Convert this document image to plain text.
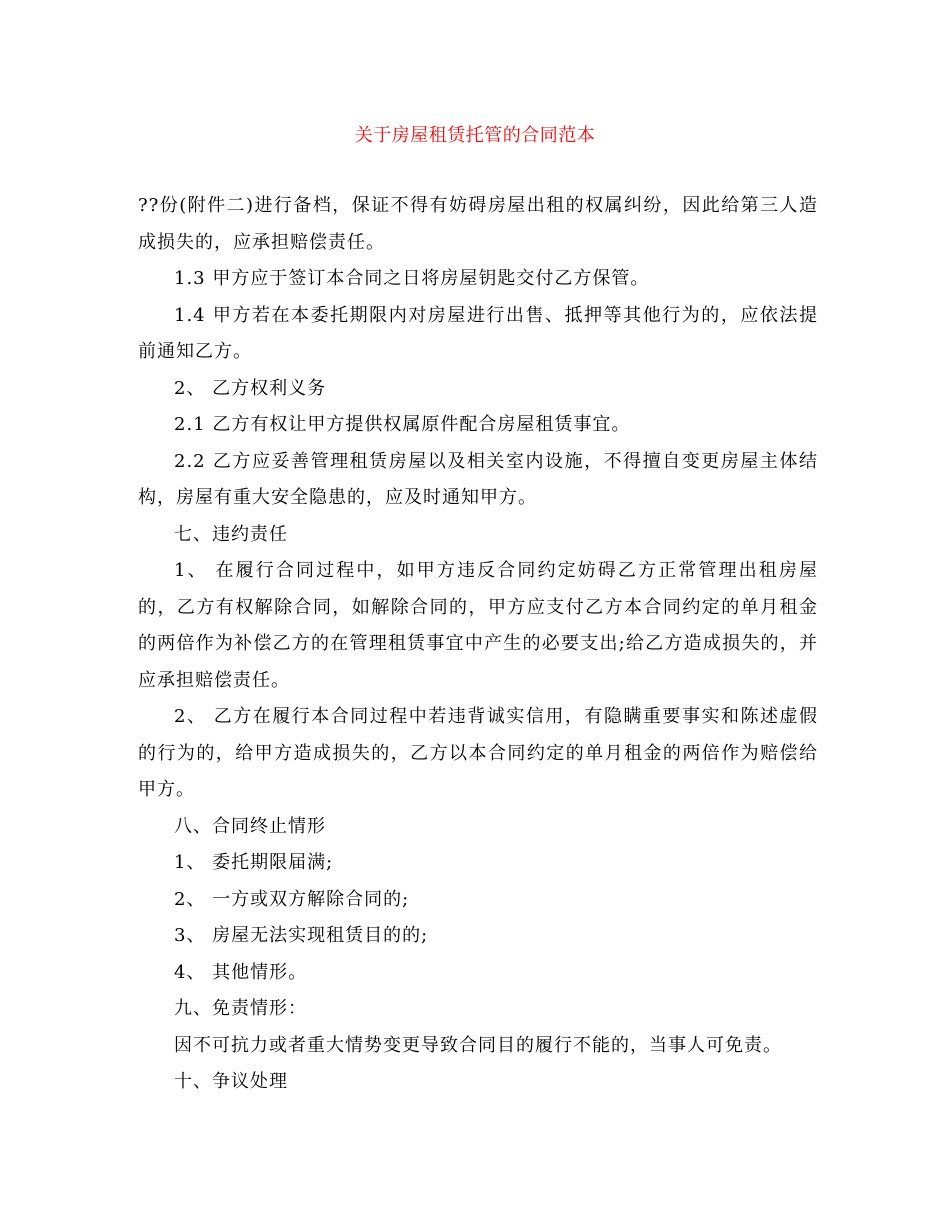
关于房屋租赁托管的合同范本

??份(附件二)进行备档，保证不得有妨碍房屋出租的权属纠纷，因此给第三人造成损失的，应承担赔偿责任。

1.3 甲方应于签订本合同之日将房屋钥匙交付乙方保管。

1.4 甲方若在本委托期限内对房屋进行出售、抵押等其他行为的，应依法提前通知乙方。

2、 乙方权利义务

2.1 乙方有权让甲方提供权属原件配合房屋租赁事宜。

2.2 乙方应妥善管理租赁房屋以及相关室内设施，不得擅自变更房屋主体结构，房屋有重大安全隐患的，应及时通知甲方。

七、违约责任

1、 在履行合同过程中，如甲方违反合同约定妨碍乙方正常管理出租房屋的，乙方有权解除合同，如解除合同的，甲方应支付乙方本合同约定的单月租金的两倍作为补偿乙方的在管理租赁事宜中产生的必要支出;给乙方造成损失的，并应承担赔偿责任。

2、 乙方在履行本合同过程中若违背诚实信用，有隐瞒重要事实和陈述虚假的行为的，给甲方造成损失的，乙方以本合同约定的单月租金的两倍作为赔偿给甲方。

八、合同终止情形

1、 委托期限届满;

2、 一方或双方解除合同的;

3、 房屋无法实现租赁目的的;

4、 其他情形。

九、免责情形：

因不可抗力或者重大情势变更导致合同目的履行不能的，当事人可免责。

十、争议处理
